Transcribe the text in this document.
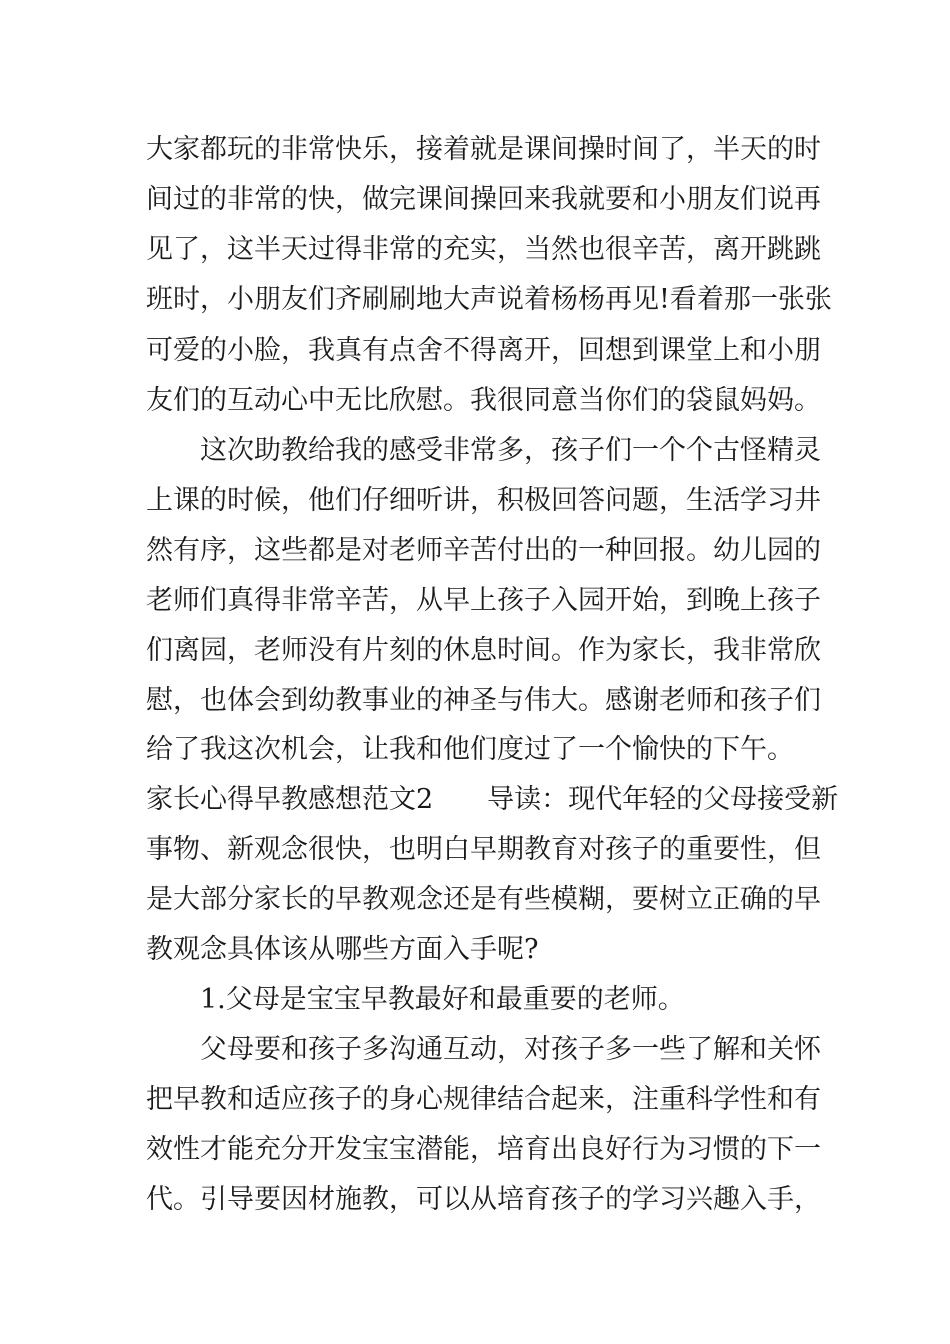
大家都玩的非常快乐，接着就是课间操时间了，半天的时
间过的非常的快，做完课间操回来我就要和小朋友们说再
见了，这半天过得非常的充实，当然也很辛苦，离开跳跳
班时，小朋友们齐刷刷地大声说着杨杨再见!看着那一张张
可爱的小脸，我真有点舍不得离开，回想到课堂上和小朋
友们的互动心中无比欣慰。我很同意当你们的袋鼠妈妈。
这次助教给我的感受非常多，孩子们一个个古怪精灵
上课的时候，他们仔细听讲，积极回答问题，生活学习井
然有序，这些都是对老师辛苦付出的一种回报。幼儿园的
老师们真得非常辛苦，从早上孩子入园开始，到晚上孩子
们离园，老师没有片刻的休息时间。作为家长，我非常欣
慰，也体会到幼教事业的神圣与伟大。感谢老师和孩子们
给了我这次机会，让我和他们度过了一个愉快的下午。
家长心得早教感想范文2　　导读：现代年轻的父母接受新
事物、新观念很快，也明白早期教育对孩子的重要性，但
是大部分家长的早教观念还是有些模糊，要树立正确的早
教观念具体该从哪些方面入手呢?
1.父母是宝宝早教最好和最重要的老师。
父母要和孩子多沟通互动，对孩子多一些了解和关怀
把早教和适应孩子的身心规律结合起来，注重科学性和有
效性才能充分开发宝宝潜能，培育出良好行为习惯的下一
代。引导要因材施教，可以从培育孩子的学习兴趣入手，
